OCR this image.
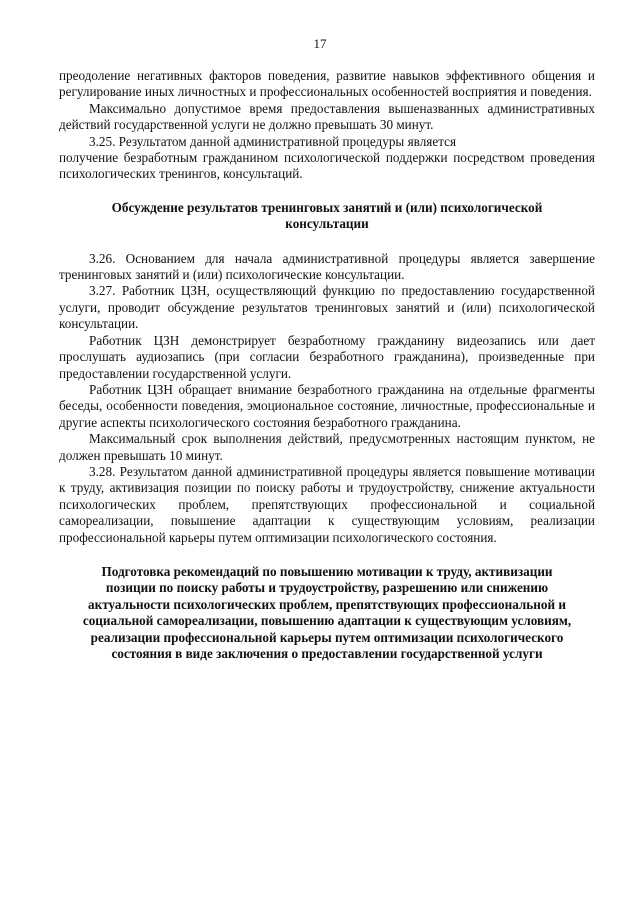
17

преодоление негативных факторов поведения, развитие навыков эффективного общения и регулирование иных личностных и профессиональных особенностей восприятия и поведения.

Максимально допустимое время предоставления вышеназванных административных действий государственной услуги не должно превышать 30 минут.

3.25. Результатом данной административной процедуры является

получение безработным гражданином психологической поддержки посредством проведения психологических тренингов, консультаций.

Обсуждение результатов тренинговых занятий и (или) психологической консультации

3.26. Основанием для начала административной процедуры является завершение тренинговых занятий и (или) психологические консультации.

3.27. Работник ЦЗН, осуществляющий функцию по предоставлению государственной услуги, проводит обсуждение результатов тренинговых занятий и (или) психологической консультации.

Работник ЦЗН демонстрирует безработному гражданину видеозапись или дает прослушать аудиозапись (при согласии безработного гражданина), произведенные при предоставлении государственной услуги.

Работник ЦЗН обращает внимание безработного гражданина на отдельные фрагменты беседы, особенности поведения, эмоциональное состояние, личностные, профессиональные и другие аспекты психологического состояния безработного гражданина.

Максимальный срок выполнения действий, предусмотренных настоящим пунктом, не должен превышать 10 минут.

3.28. Результатом данной административной процедуры является повышение мотивации к труду, активизация позиции по поиску работы и трудоустройству, снижение актуальности психологических проблем, препятствующих профессиональной и социальной самореализации, повышение адаптации к существующим условиям, реализации профессиональной карьеры путем оптимизации психологического состояния.

Подготовка рекомендаций по повышению мотивации к труду, активизации позиции по поиску работы и трудоустройству, разрешению или снижению актуальности психологических проблем, препятствующих профессиональной и социальной самореализации, повышению адаптации к существующим условиям, реализации профессиональной карьеры путем оптимизации психологического состояния в виде заключения о предоставлении государственной услуги
